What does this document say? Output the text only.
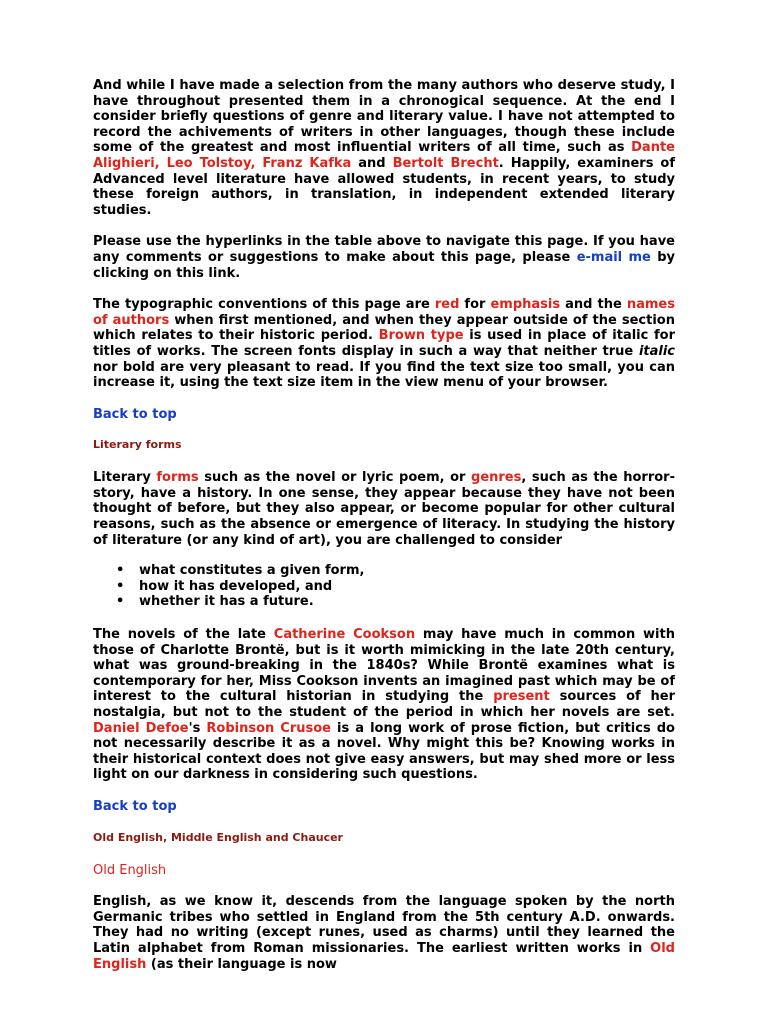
And while I have made a selection from the many authors who deserve study, I have throughout presented them in a chronogical sequence. At the end I consider briefly questions of genre and literary value. I have not attempted to record the achivements of writers in other languages, though these include some of the greatest and most influential writers of all time, such as Dante Alighieri, Leo Tolstoy, Franz Kafka and Bertolt Brecht. Happily, examiners of Advanced level literature have allowed students, in recent years, to study these foreign authors, in translation, in independent extended literary studies.

Please use the hyperlinks in the table above to navigate this page. If you have any comments or suggestions to make about this page, please e-mail me by clicking on this link.

The typographic conventions of this page are red for emphasis and the names of authors when first mentioned, and when they appear outside of the section which relates to their historic period. Brown type is used in place of italic for titles of works. The screen fonts display in such a way that neither true italic nor bold are very pleasant to read. If you find the text size too small, you can increase it, using the text size item in the view menu of your browser.

Back to top
Literary forms

Literary forms such as the novel or lyric poem, or genres, such as the horror-story, have a history. In one sense, they appear because they have not been thought of before, but they also appear, or become popular for other cultural reasons, such as the absence or emergence of literacy. In studying the history of literature (or any kind of art), you are challenged to consider

• what constitutes a given form,
• how it has developed, and
• whether it has a future.

The novels of the late Catherine Cookson may have much in common with those of Charlotte Brontë, but is it worth mimicking in the late 20th century, what was ground-breaking in the 1840s? While Brontë examines what is contemporary for her, Miss Cookson invents an imagined past which may be of interest to the cultural historian in studying the present sources of her nostalgia, but not to the student of the period in which her novels are set. Daniel Defoe's Robinson Crusoe is a long work of prose fiction, but critics do not necessarily describe it as a novel. Why might this be? Knowing works in their historical context does not give easy answers, but may shed more or less light on our darkness in considering such questions.

Back to top
Old English, Middle English and Chaucer
Old English

English, as we know it, descends from the language spoken by the north Germanic tribes who settled in England from the 5th century A.D. onwards. They had no writing (except runes, used as charms) until they learned the Latin alphabet from Roman missionaries. The earliest written works in Old English (as their language is now
